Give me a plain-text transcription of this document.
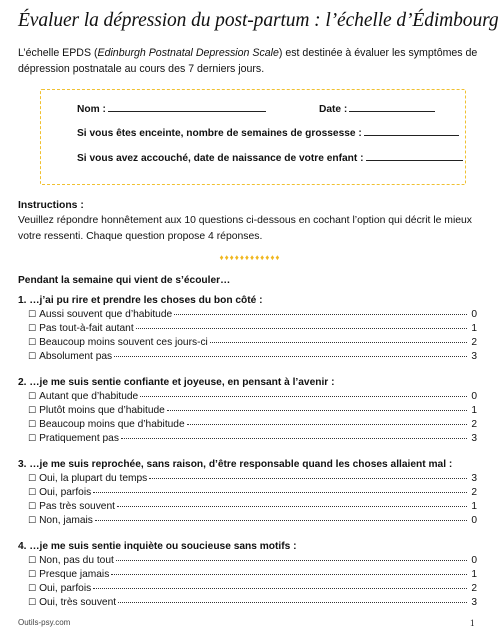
Évaluer la dépression du post-partum : l’échelle d’Édimbourg
L’échelle EPDS (Edinburgh Postnatal Depression Scale) est destinée à évaluer les symptômes de dépression postnatale au cours des 7 derniers jours.
Nom :	Date :
Si vous êtes enceinte, nombre de semaines de grossesse :
Si vous avez accouché, date de naissance de votre enfant :
Instructions :
Veuillez répondre honnêtement aux 10 questions ci-dessous en cochant l’option qui décrit le mieux votre ressenti. Chaque question propose 4 réponses.
♦♦♦♦♦♦♦♦♦♦♦♦
Pendant la semaine qui vient de s’écouler…
1. …j’ai pu rire et prendre les choses du bon côté :
☐ Aussi souvent que d’habitude	0
☐ Pas tout-à-fait autant	1
☐ Beaucoup moins souvent ces jours-ci	2
☐ Absolument pas	3
2. …je me suis sentie confiante et joyeuse, en pensant à l’avenir :
☐ Autant que d’habitude	0
☐ Plutôt moins que d’habitude	1
☐ Beaucoup moins que d’habitude	2
☐ Pratiquement pas	3
3. …je me suis reprochée, sans raison, d’être responsable quand les choses allaient mal :
☐ Oui, la plupart du temps	3
☐ Oui, parfois	2
☐ Pas très souvent	1
☐ Non, jamais	0
4. …je me suis sentie inquiète ou soucieuse sans motifs :
☐ Non, pas du tout	0
☐ Presque jamais	1
☐ Oui, parfois	2
☐ Oui, très souvent	3
Outils-psy.com	1
